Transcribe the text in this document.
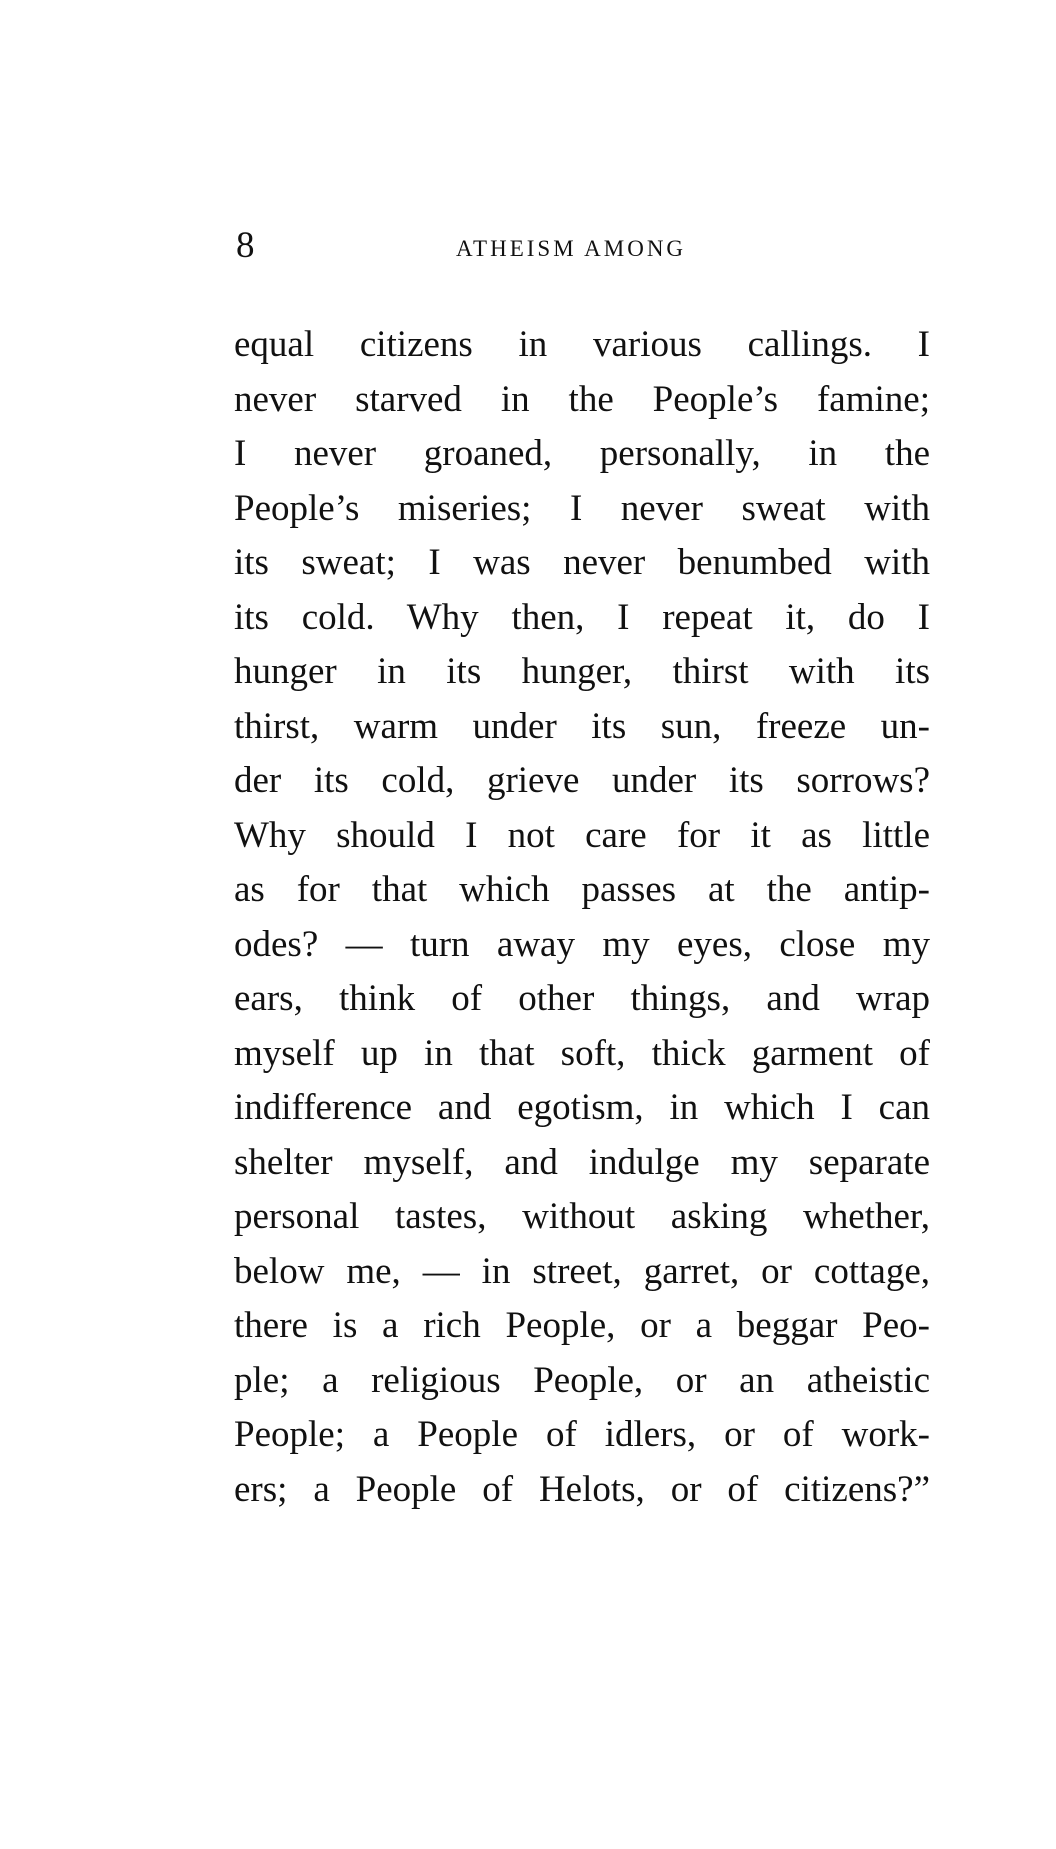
8	ATHEISM AMONG
equal citizens in various callings. I
never starved in the People’s famine;
I never groaned, personally, in the
People’s miseries; I never sweat with
its sweat; I was never benumbed with
its cold. Why then, I repeat it, do I
hunger in its hunger, thirst with its
thirst, warm under its sun, freeze un-
der its cold, grieve under its sorrows?
Why should I not care for it as little
as for that which passes at the antip-
odes? — turn away my eyes, close my
ears, think of other things, and wrap
myself up in that soft, thick garment of
indifference and egotism, in which I can
shelter myself, and indulge my separate
personal tastes, without asking whether,
below me, — in street, garret, or cottage,
there is a rich People, or a beggar Peo-
ple; a religious People, or an atheistic
People; a People of idlers, or of work-
ers; a People of Helots, or of citizens?”
